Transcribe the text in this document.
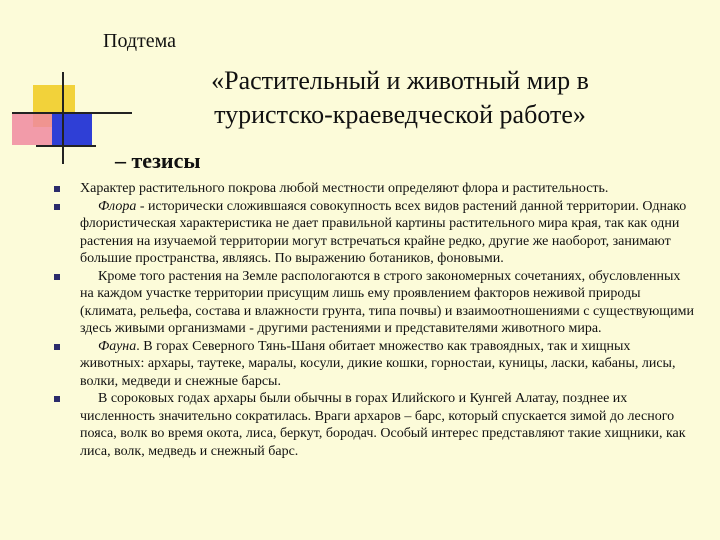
Подтема
«Растительный и животный мир в
туристско-краеведческой работе»
– тезисы
Характер растительного покрова любой местности определяют флора и растительность.
Флора - исторически сложившаяся совокупность всех видов растений данной территории. Однако флористическая характеристика не дает правильной картины растительного мира края, так как одни растения на изучаемой территории могут встречаться крайне редко, другие же наоборот, занимают большие пространства, являясь. По выражению ботаников, фоновыми.
Кроме того растения на Земле распологаются в строго закономерных сочетаниях, обусловленных на каждом участке территории присущим лишь ему проявлением факторов неживой природы (климата, рельефа, состава и влажности грунта, типа почвы) и взаимоотношениями с существующими здесь живыми организмами - другими растениями и представителями животного мира.
Фауна. В горах Северного Тянь-Шаня обитает множество как травоядных, так и хищных животных: архары, таутеке, маралы, косули, дикие кошки, горностаи, куницы, ласки, кабаны, лисы, волки, медведи и снежные барсы.
В сороковых годах архары были обычны в горах Илийского и Кунгей Алатау, позднее их численность значительно сократилась. Враги архаров – барс, который спускается зимой до лесного пояса, волк во время окота, лиса, беркут, бородач. Особый интерес представляют такие хищники, как лиса, волк, медведь и снежный барс.
